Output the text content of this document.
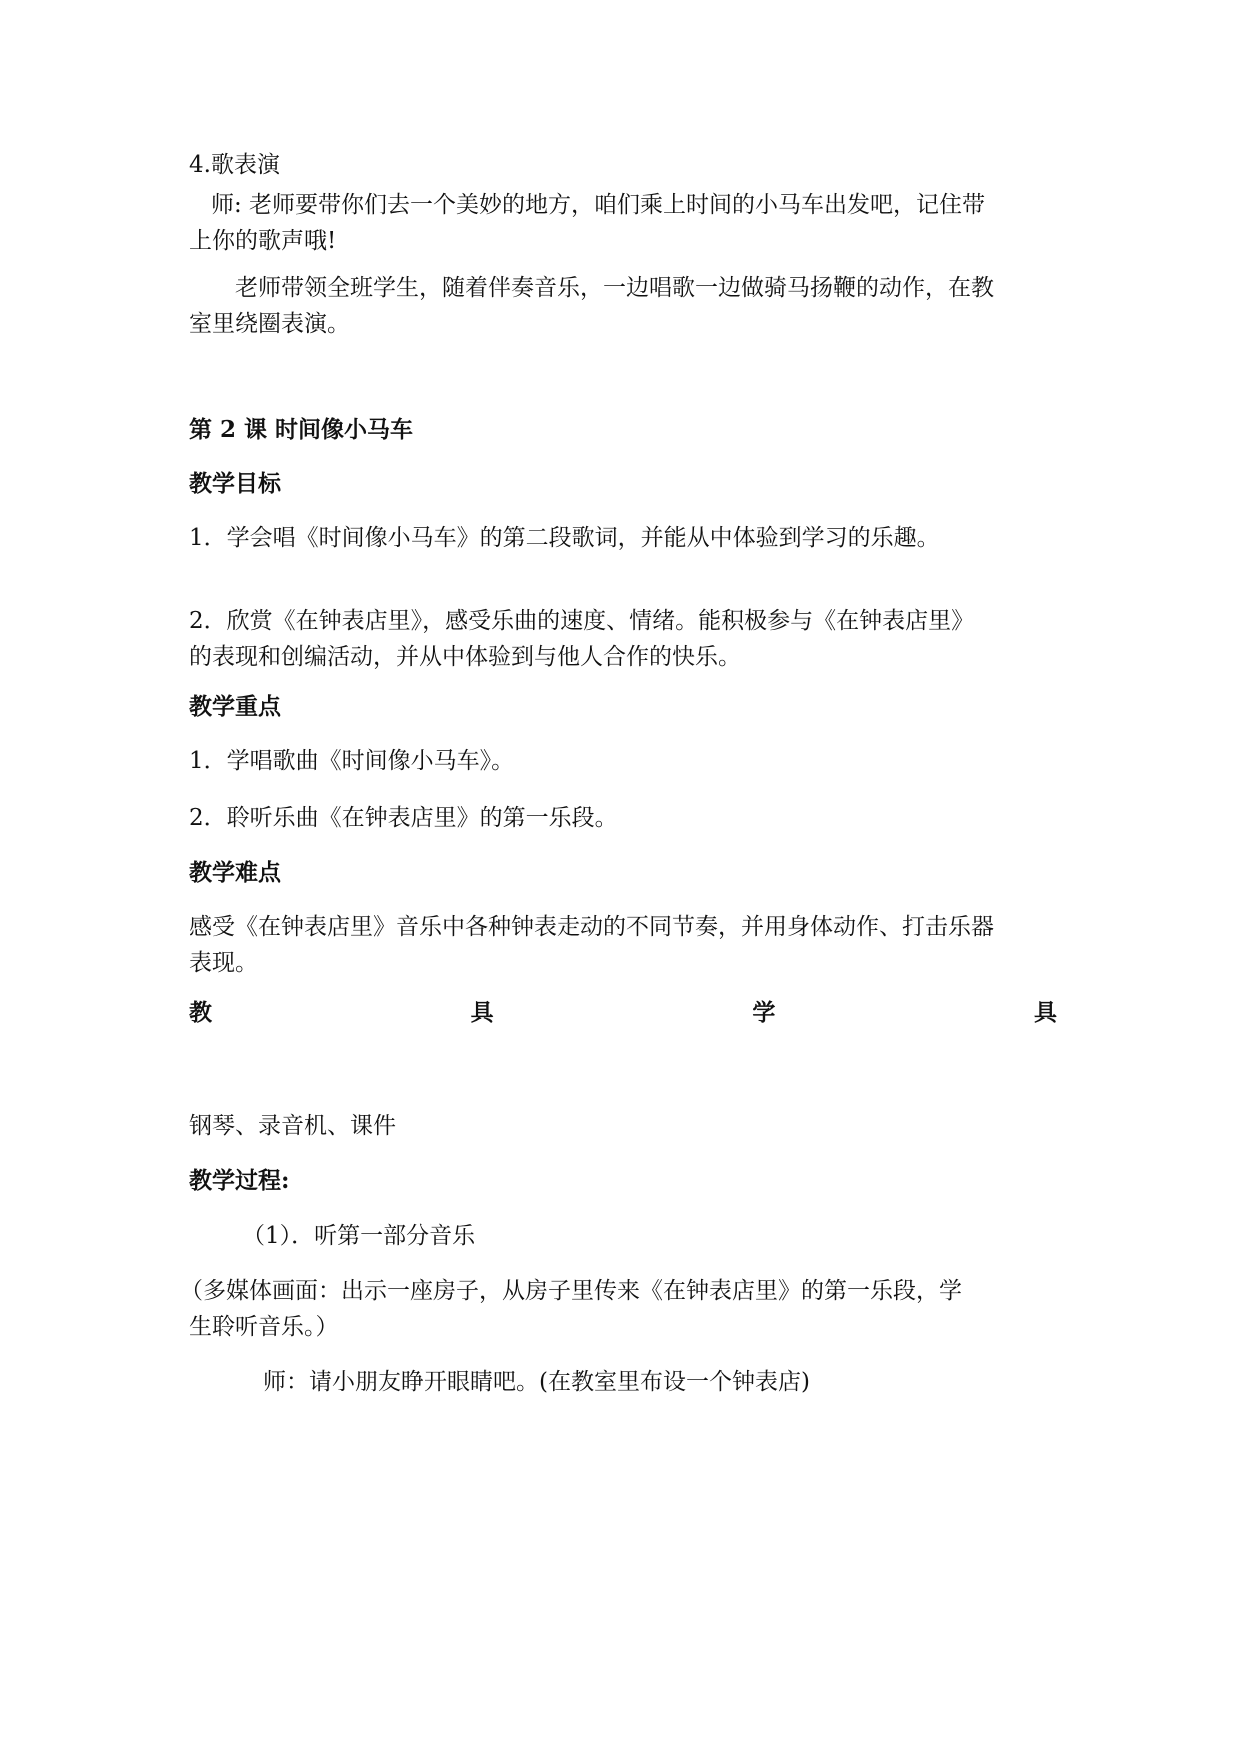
4.歌表演
师: 老师要带你们去一个美妙的地方，咱们乘上时间的小马车出发吧，记住带
上你的歌声哦!
老师带领全班学生，随着伴奏音乐，一边唱歌一边做骑马扬鞭的动作，在教
室里绕圈表演。
第 2 课 时间像小马车
教学目标
1．学会唱《时间像小马车》的第二段歌词，并能从中体验到学习的乐趣。
2．欣赏《在钟表店里》，感受乐曲的速度、情绪。能积极参与《在钟表店里》
的表现和创编活动，并从中体验到与他人合作的快乐。
教学重点
1．学唱歌曲《时间像小马车》。
2．聆听乐曲《在钟表店里》的第一乐段。
教学难点
感受《在钟表店里》音乐中各种钟表走动的不同节奏，并用身体动作、打击乐器
表现。
教	具	学	具
钢琴、录音机、课件
教学过程:
（1）．听第一部分音乐
（多媒体画面：出示一座房子，从房子里传来《在钟表店里》的第一乐段，学
生聆听音乐。）
师：请小朋友睁开眼睛吧。(在教室里布设一个钟表店)
